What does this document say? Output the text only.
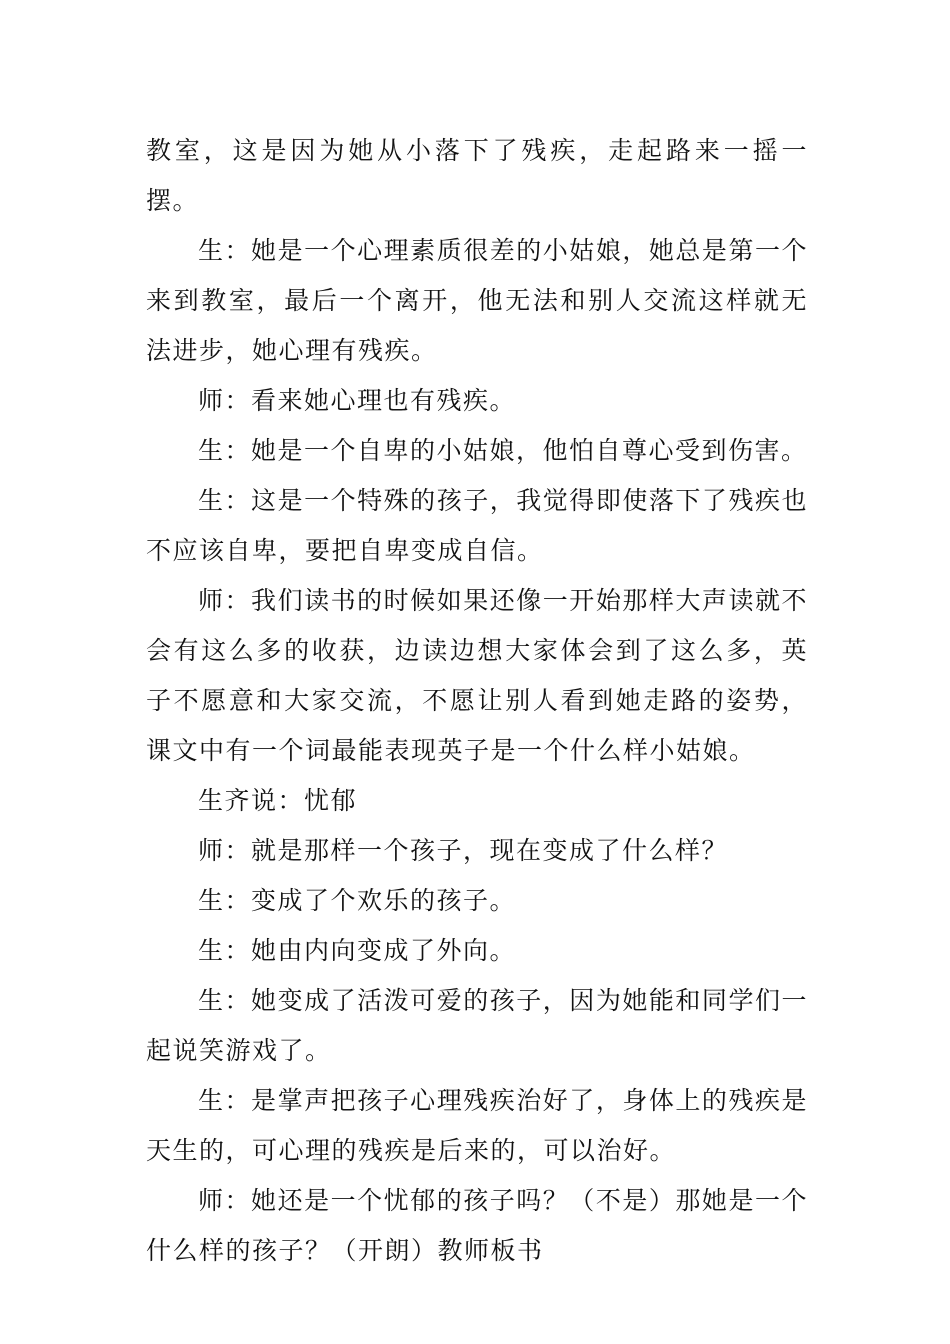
教室，这是因为她从小落下了残疾，走起路来一摇一摆。

生：她是一个心理素质很差的小姑娘，她总是第一个来到教室，最后一个离开，他无法和别人交流这样就无法进步，她心理有残疾。

师：看来她心理也有残疾。

生：她是一个自卑的小姑娘，他怕自尊心受到伤害。

生：这是一个特殊的孩子，我觉得即使落下了残疾也不应该自卑，要把自卑变成自信。

师：我们读书的时候如果还像一开始那样大声读就不会有这么多的收获，边读边想大家体会到了这么多，英子不愿意和大家交流，不愿让别人看到她走路的姿势，课文中有一个词最能表现英子是一个什么样小姑娘。

生齐说：忧郁

师：就是那样一个孩子，现在变成了什么样？

生：变成了个欢乐的孩子。

生：她由内向变成了外向。

生：她变成了活泼可爱的孩子，因为她能和同学们一起说笑游戏了。

生：是掌声把孩子心理残疾治好了，身体上的残疾是天生的，可心理的残疾是后来的，可以治好。

师：她还是一个忧郁的孩子吗？（不是）那她是一个什么样的孩子？（开朗）教师板书
